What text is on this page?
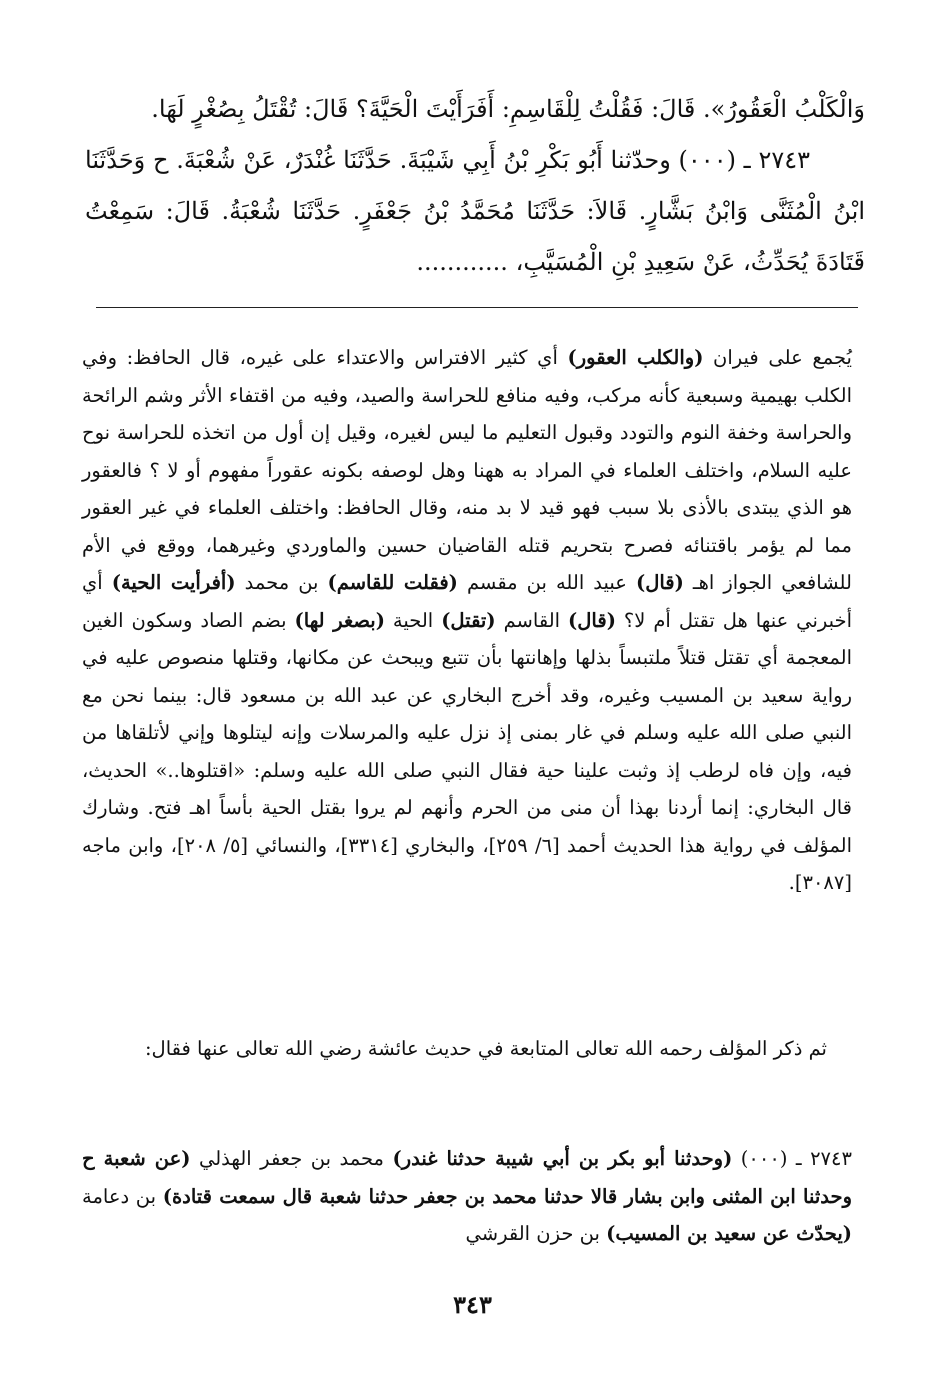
وَالْكَلْبُ الْعَقُورُ». قَالَ: فَقُلْتُ لِلْقَاسِمِ: أَفَرَأَيْتَ الْحَيَّةَ؟ قَالَ: تُقْتَلُ بِصُغْرٍ لَهَا.

٢٧٤٣ ـ (٠٠٠) وحدّثنا أَبُو بَكْرِ بْنُ أَبِي شَيْبَةَ. حَدَّثَنَا غُنْدَرٌ، عَنْ شُعْبَةَ. ح وَحَدَّثَنَا ابْنُ الْمُثَنَّى وَابْنُ بَشَّارٍ. قَالاَ: حَدَّثَنَا مُحَمَّدُ بْنُ جَعْفَرٍ. حَدَّثَنَا شُعْبَةُ. قَالَ: سَمِعْتُ قَتَادَةَ يُحَدِّثُ، عَنْ سَعِيدِ بْنِ الْمُسَيَّبِ، ............

يُجمع على فيران (والكلب العقور) أي كثير الافتراس والاعتداء على غيره، قال الحافظ: وفي الكلب بهيمية وسبعية كأنه مركب، وفيه منافع للحراسة والصيد، وفيه من اقتفاء الأثر وشم الرائحة والحراسة وخفة النوم والتودد وقبول التعليم ما ليس لغيره، وقيل إن أول من اتخذه للحراسة نوح عليه السلام، واختلف العلماء في المراد به ههنا وهل لوصفه بكونه عقوراً مفهوم أو لا ؟ فالعقور هو الذي يبتدى بالأذى بلا سبب فهو قيد لا بد منه، وقال الحافظ: واختلف العلماء في غير العقور مما لم يؤمر باقتنائه فصرح بتحريم قتله القاضيان حسين والماوردي وغيرهما، ووقع في الأم للشافعي الجواز اهـ (قال) عبيد الله بن مقسم (فقلت للقاسم) بن محمد (أفرأيت الحية) أي أخبرني عنها هل تقتل أم لا؟ (قال) القاسم (تقتل) الحية (بصغر لها) بضم الصاد وسكون الغين المعجمة أي تقتل قتلاً ملتبساً بذلها وإهانتها بأن تتبع ويبحث عن مكانها، وقتلها منصوص عليه في رواية سعيد بن المسيب وغيره، وقد أخرج البخاري عن عبد الله بن مسعود قال: بينما نحن مع النبي صلى الله عليه وسلم في غار بمنى إذ نزل عليه والمرسلات وإنه ليتلوها وإني لأتلقاها من فيه، وإن فاه لرطب إذ وثبت علينا حية فقال النبي صلى الله عليه وسلم: «اقتلوها..» الحديث، قال البخاري: إنما أردنا بهذا أن منى من الحرم وأنهم لم يروا بقتل الحية بأساً اهـ فتح. وشارك المؤلف في رواية هذا الحديث أحمد [٦/ ٢٥٩]، والبخاري [٣٣١٤]، والنسائي [٥/ ٢٠٨]، وابن ماجه [٣٠٨٧].

ثم ذكر المؤلف رحمه الله تعالى المتابعة في حديث عائشة رضي الله تعالى عنها فقال:

٢٧٤٣ ـ (٠٠٠) (وحدثنا أبو بكر بن أبي شيبة حدثنا غندر) محمد بن جعفر الهذلي (عن شعبة ح وحدثنا ابن المثنى وابن بشار قالا حدثنا محمد بن جعفر حدثنا شعبة قال سمعت قتادة) بن دعامة (يحدّث عن سعيد بن المسيب) بن حزن القرشي
٣٤٣
